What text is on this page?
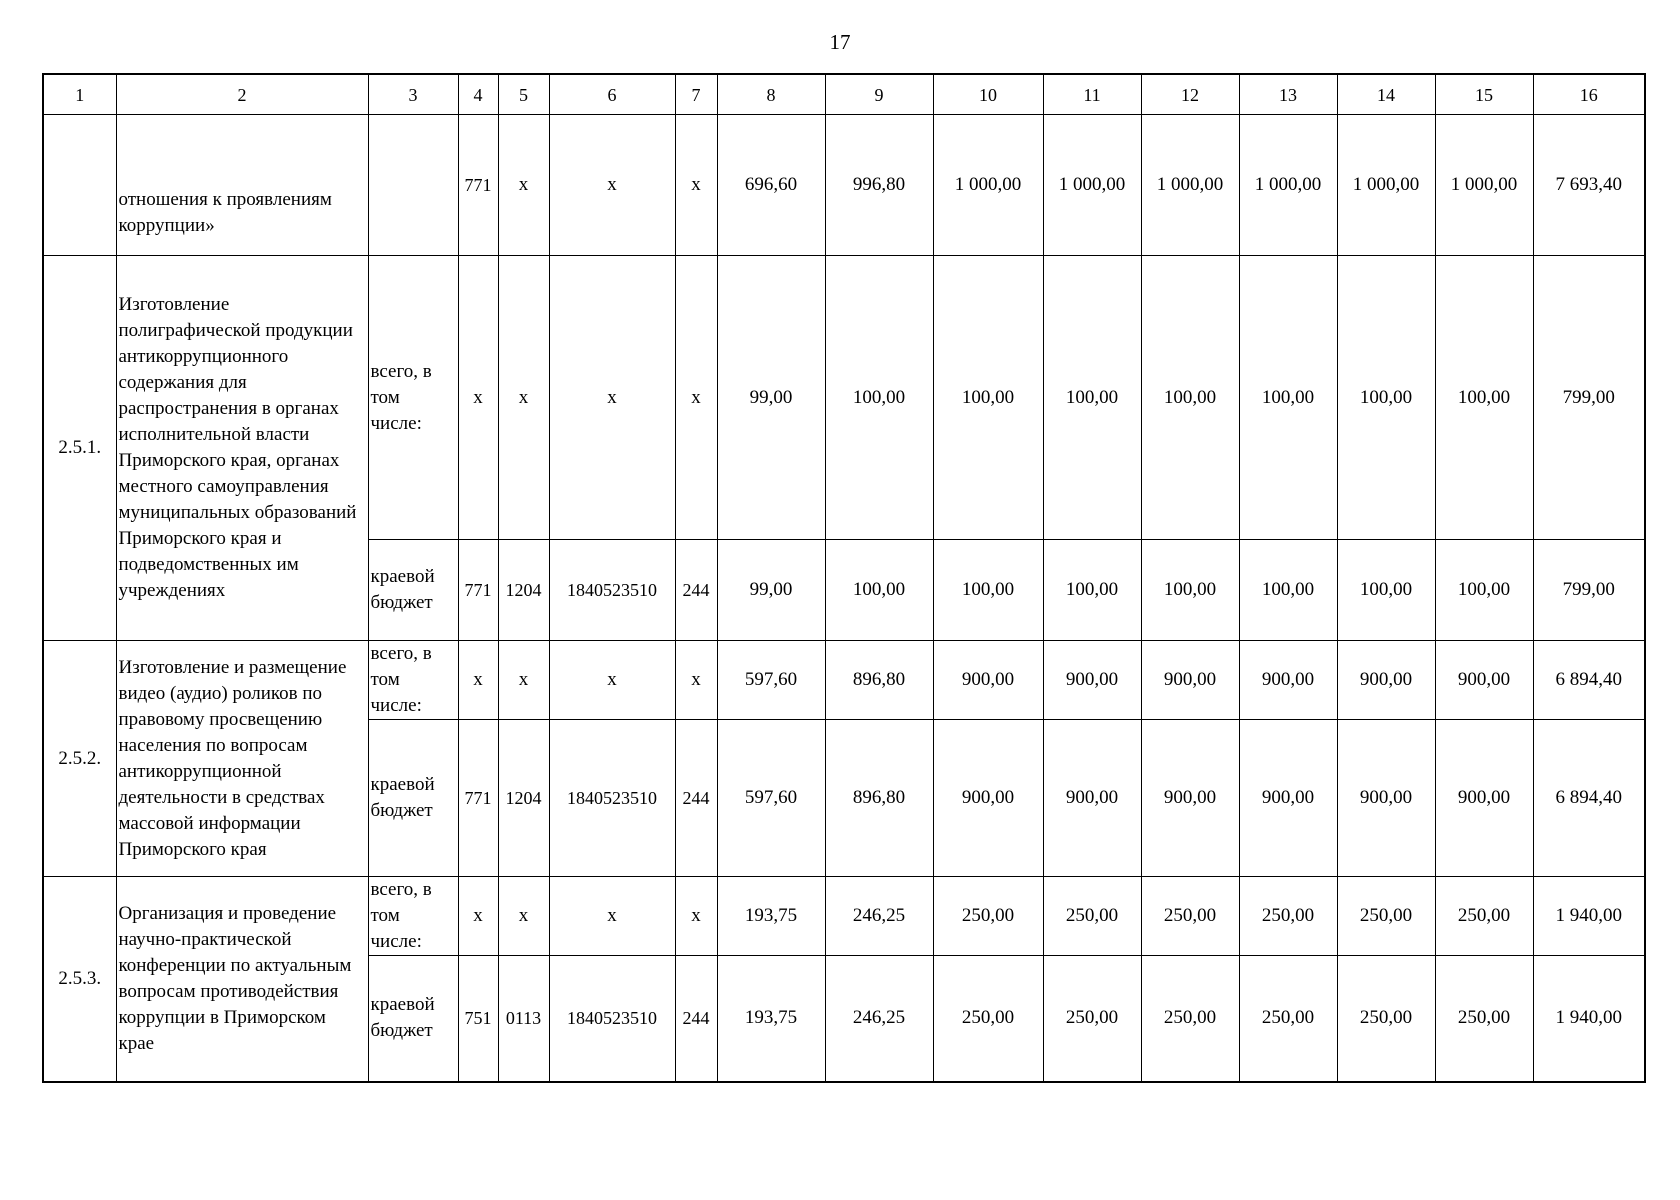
17
1	2	3	4	5	6	7	8	9	10	11	12	13	14	15	16
	отношения к проявлениям коррупции»		771	х	х	х	696,60	996,80	1 000,00	1 000,00	1 000,00	1 000,00	1 000,00	1 000,00	7 693,40
2.5.1.	Изготовление полиграфической продукции антикоррупционного содержания для распространения в органах исполнительной власти Приморского края, органах местного самоуправления муниципальных образований Приморского края и подведомственных им учреждениях	всего, в том числе:	х	х	х	х	99,00	100,00	100,00	100,00	100,00	100,00	100,00	100,00	799,00
		краевой бюджет	771	1204	1840523510	244	99,00	100,00	100,00	100,00	100,00	100,00	100,00	100,00	799,00
2.5.2.	Изготовление и размещение видео (аудио) роликов по правовому просвещению населения по вопросам антикоррупционной деятельности в средствах массовой информации Приморского края	всего, в том числе:	х	х	х	х	597,60	896,80	900,00	900,00	900,00	900,00	900,00	900,00	6 894,40
		краевой бюджет	771	1204	1840523510	244	597,60	896,80	900,00	900,00	900,00	900,00	900,00	900,00	6 894,40
2.5.3.	Организация и проведение научно-практической конференции по актуальным вопросам противодействия коррупции в Приморском крае	всего, в том числе:	х	х	х	х	193,75	246,25	250,00	250,00	250,00	250,00	250,00	250,00	1 940,00
		краевой бюджет	751	0113	1840523510	244	193,75	246,25	250,00	250,00	250,00	250,00	250,00	250,00	1 940,00
